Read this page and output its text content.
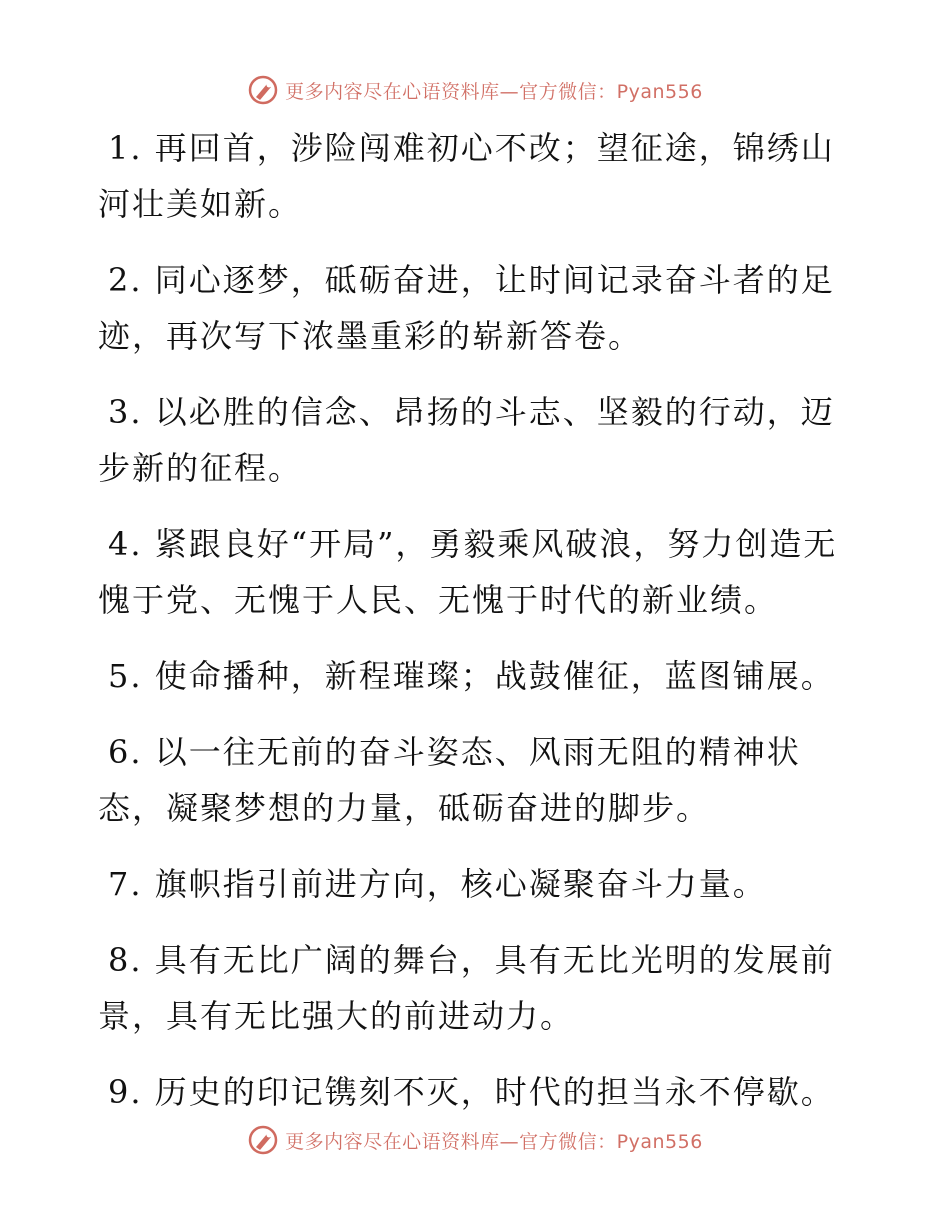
更多内容尽在心语资料库—官方微信：Pyan556

1. 再回首，涉险闯难初心不改；望征途，锦绣山河壮美如新。

2. 同心逐梦，砥砺奋进，让时间记录奋斗者的足迹，再次写下浓墨重彩的崭新答卷。

3. 以必胜的信念、昂扬的斗志、坚毅的行动，迈步新的征程。

4. 紧跟良好“开局”，勇毅乘风破浪，努力创造无愧于党、无愧于人民、无愧于时代的新业绩。

5. 使命播种，新程璀璨；战鼓催征，蓝图铺展。

6. 以一往无前的奋斗姿态、风雨无阻的精神状态，凝聚梦想的力量，砥砺奋进的脚步。

7. 旗帜指引前进方向，核心凝聚奋斗力量。

8. 具有无比广阔的舞台，具有无比光明的发展前景，具有无比强大的前进动力。

9. 历史的印记镌刻不灭，时代的担当永不停歇。

更多内容尽在心语资料库—官方微信：Pyan556
